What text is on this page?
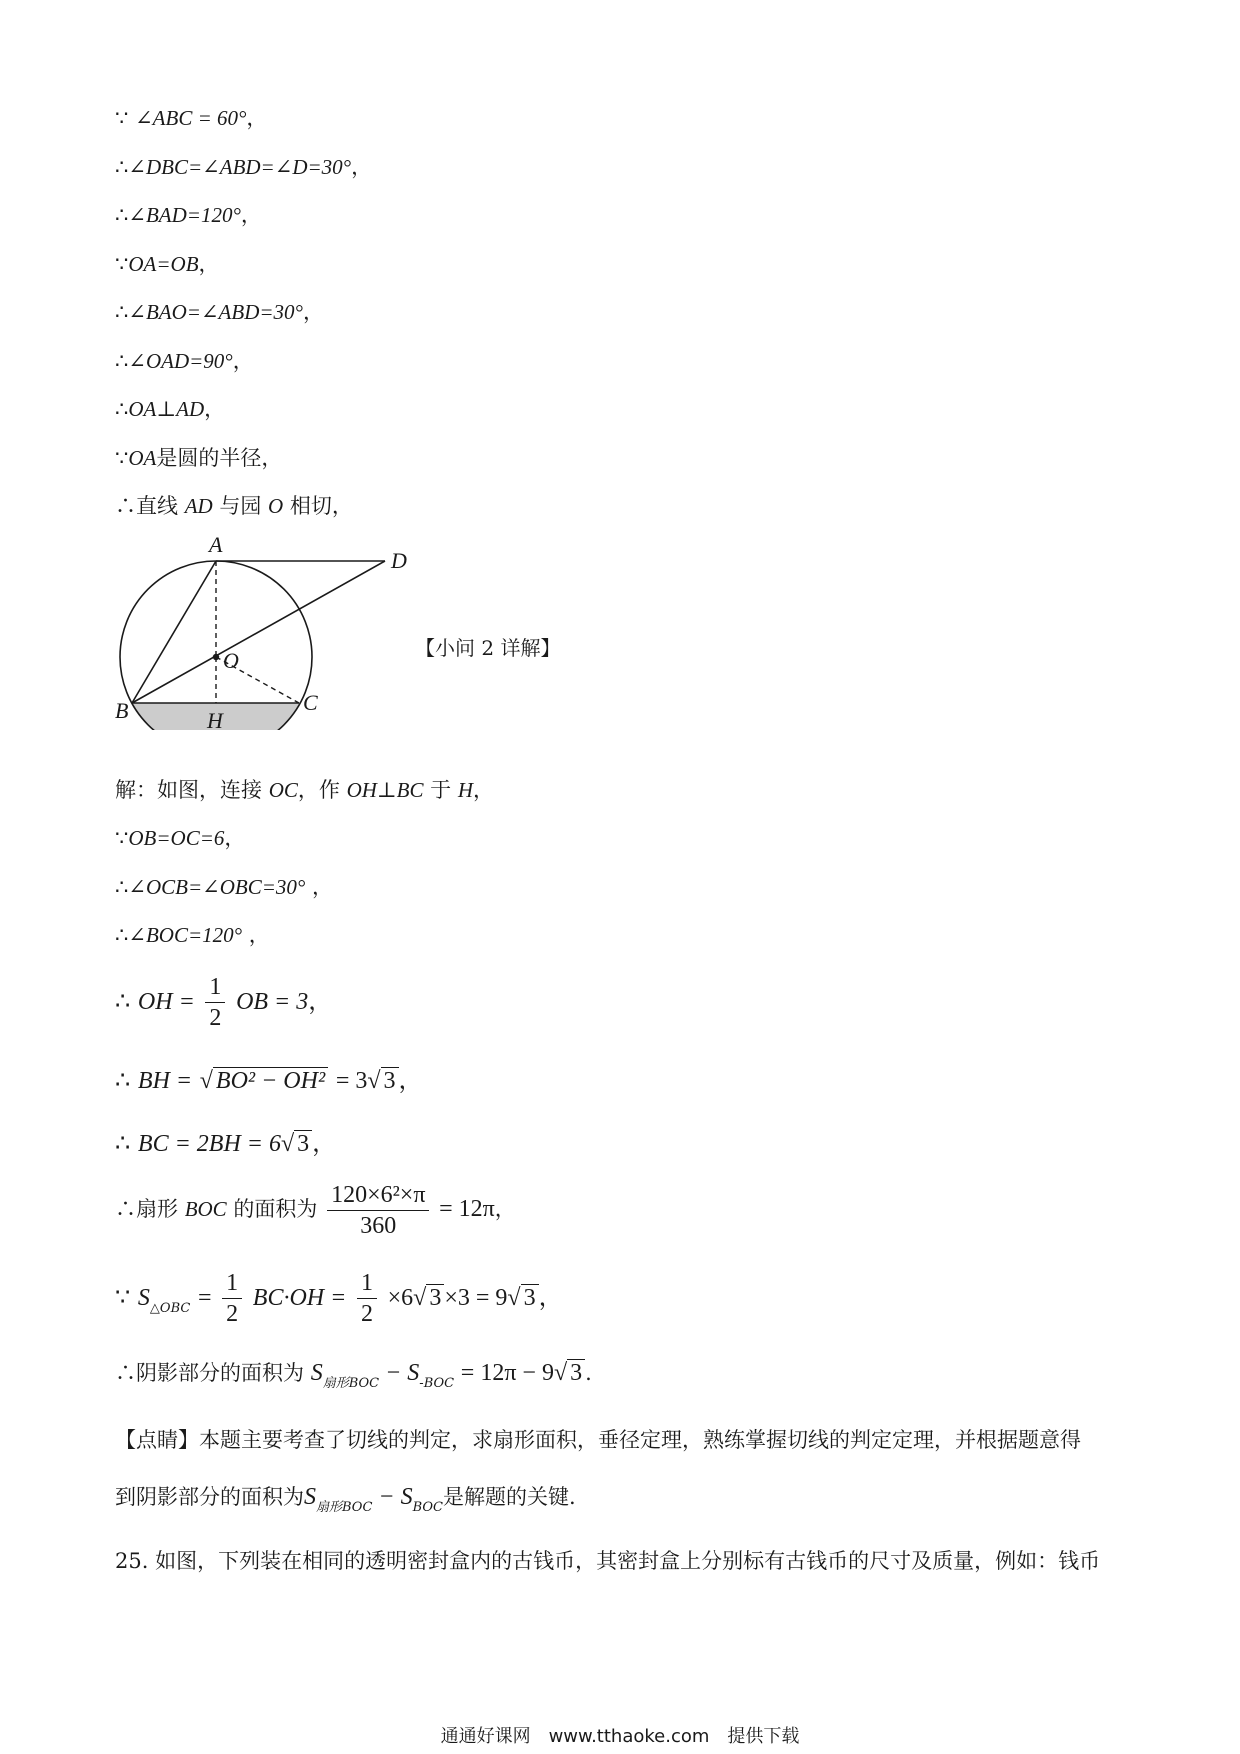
∵ ∠ABC = 60°，
∴∠DBC=∠ABD=∠D=30°，
∴∠BAD=120°，
∵OA=OB，
∴∠BAO=∠ABD=30°，
∴∠OAD=90°，
∴OA⊥AD，
∵OA是圆的半径，
∴直线 AD 与园 O 相切，
A
D
O
B	C
H
【小问 2 详解】
解：如图，连接 OC，作 OH⊥BC 于 H，
∵OB=OC=6，
∴∠OCB=∠OBC=30° ，
∴∠BOC=120° ，
∴ OH = $\frac{1}{2}$ OB = 3，
∴ BH = √ BO² − OH² = 3√ 3 ，
∴ BC = 2BH = 6√ 3 ，
∴扇形 BOC 的面积为 $\frac{\text{120×6²×π}}{360} = 12\pi$，
∵ $S_{\triangle OBC} = \frac{1}{2} BC\cdot OH = \frac{1}{2} \times 6√$ 3 ×3 = 9√ 3 ，
∴阴影部分的面积为 $S_{扇形BOC} - S_{-BOC} = 12\pi - 9√$ 3 .
【点睛】本题主要考查了切线的判定，求扇形面积，垂径定理，熟练掌握切线的判定定理，并根据题意得
到阴影部分的面积为$S_{扇形BOC} - S_{BOC}$是解题的关键.
25. 如图，下列装在相同的透明密封盒内的古钱币，其密封盒上分别标有古钱币的尺寸及质量，例如：钱币
通通好课网　www.tthaoke.com　提供下载
